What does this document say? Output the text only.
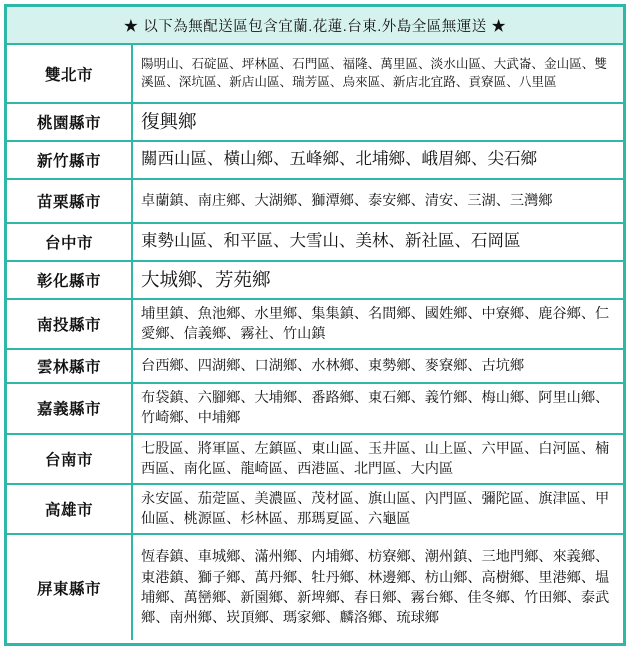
★ 以下為無配送區包含宜蘭.花蓮.台東.外島全區無運送 ★
雙北市	陽明山、石碇區、坪林區、石門區、福隆、萬里區、淡水山區、大武崙、金山區、雙溪區、深坑區、新店山區、瑞芳區、烏來區、新店北宜路、貢寮區、八里區

桃園縣市	復興鄉

新竹縣市	關西山區、橫山鄉、五峰鄉、北埔鄉、峨眉鄉、尖石鄉

苗栗縣市	卓蘭鎮、南庄鄉、大湖鄉、獅潭鄉、泰安鄉、清安、三湖、三灣鄉

台中市	東勢山區、和平區、大雪山、美林、新社區、石岡區

彰化縣市	大城鄉、芳苑鄉

南投縣市	埔里鎮、魚池鄉、水里鄉、集集鎮、名間鄉、國姓鄉、中寮鄉、鹿谷鄉、仁愛鄉、信義鄉、霧社、竹山鎮

雲林縣市	台西鄉、四湖鄉、口湖鄉、水林鄉、東勢鄉、麥寮鄉、古坑鄉

嘉義縣市	布袋鎮、六腳鄉、大埔鄉、番路鄉、東石鄉、義竹鄉、梅山鄉、阿里山鄉、竹崎鄉、中埔鄉

台南市	七股區、將軍區、左鎮區、東山區、玉井區、山上區、六甲區、白河區、楠西區、南化區、龍崎區、西港區、北門區、大内區

高雄市	永安區、茄萣區、美濃區、茂材區、旗山區、內門區、彌陀區、旗津區、甲仙區、桃源區、杉林區、那瑪夏區、六龜區

屏東縣市	恆春鎮、車城鄉、滿州鄉、内埔鄉、枋寮鄉、潮州鎮、三地門鄉、來義鄉、東港鎮、獅子鄉、萬丹鄉、牡丹鄉、林邊鄉、枋山鄉、高樹鄉、里港鄉、塭埔鄉、萬巒鄉、新園鄉、新埤鄉、春日鄉、霧台鄉、佳冬鄉、竹田鄉、泰武鄉、南州鄉、崁頂鄉、瑪家鄉、麟洛鄉、琉球鄉
